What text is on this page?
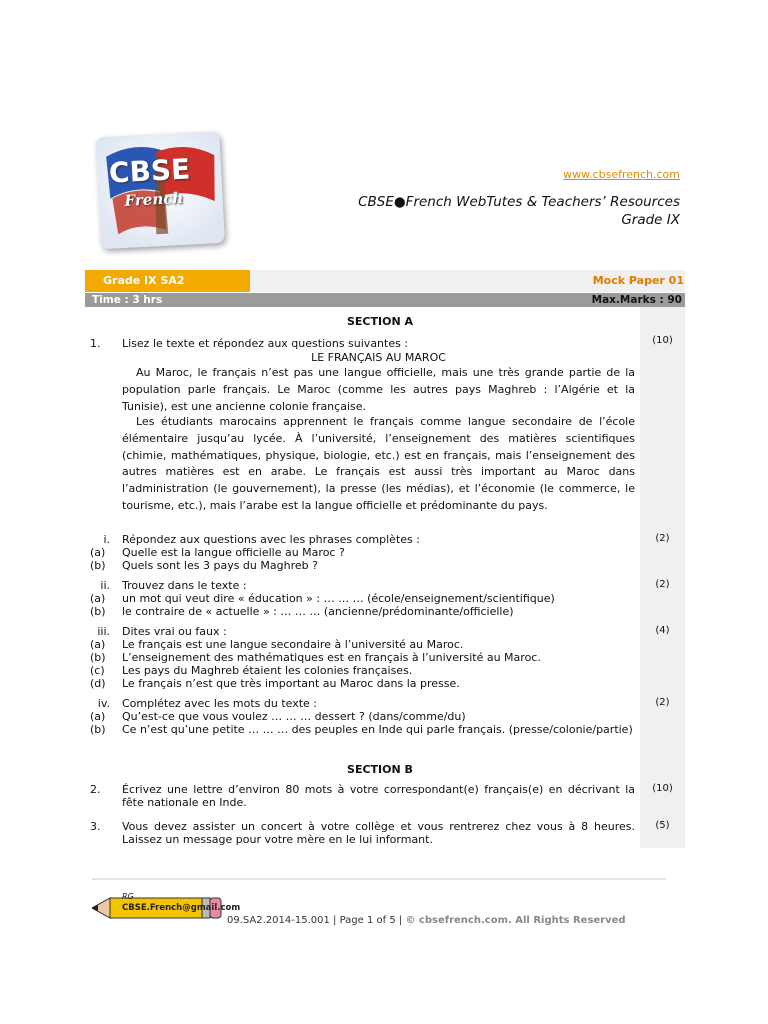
CBSE
French
www.cbsefrench.com
CBSE●French WebTutes & Teachers’ Resources
Grade IX
Grade IX SA2	Mock Paper 01
Time : 3 hrs	Max.Marks : 90
SECTION A
1. Lisez le texte et répondez aux questions suivantes :	(10)
LE FRANÇAIS AU MAROC
Au Maroc, le français n’est pas une langue officielle, mais une très grande partie de la population parle français. Le Maroc (comme les autres pays Maghreb : l’Algérie et la Tunisie), est une ancienne colonie française.
Les étudiants marocains apprennent le français comme langue secondaire de l’école élémentaire jusqu’au lycée. À l’université, l’enseignement des matières scientifiques (chimie, mathématiques, physique, biologie, etc.) est en français, mais l’enseignement des autres matières est en arabe. Le français est aussi très important au Maroc dans l’administration (le gouvernement), la presse (les médias), et l’économie (le commerce, le tourisme, etc.), mais l’arabe est la langue officielle et prédominante du pays.
i. Répondez aux questions avec les phrases complètes :	(2)
(a) Quelle est la langue officielle au Maroc ?
(b) Quels sont les 3 pays du Maghreb ?
ii. Trouvez dans le texte :	(2)
(a) un mot qui veut dire « éducation » : … … … (école/enseignement/scientifique)
(b) le contraire de « actuelle » : … … … (ancienne/prédominante/officielle)
iii. Dites vrai ou faux :	(4)
(a) Le français est une langue secondaire à l’université au Maroc.
(b) L’enseignement des mathématiques est en français à l’université au Maroc.
(c) Les pays du Maghreb étaient les colonies françaises.
(d) Le français n’est que très important au Maroc dans la presse.
iv. Complétez avec les mots du texte :	(2)
(a) Qu’est-ce que vous voulez … … … dessert ? (dans/comme/du)
(b) Ce n’est qu’une petite … … … des peuples en Inde qui parle français. (presse/colonie/partie)
SECTION B
2. Écrivez une lettre d’environ 80 mots à votre correspondant(e) français(e) en décrivant la fête nationale en Inde.
(10)
3. Vous devez assister un concert à votre collège et vous rentrerez chez vous à 8 heures. Laissez un message pour votre mère en le lui informant.
(5)
RG
CBSE.French@gmail.com
09.SA2.2014-15.001 | Page 1 of 5 | © cbsefrench.com. All Rights Reserved
